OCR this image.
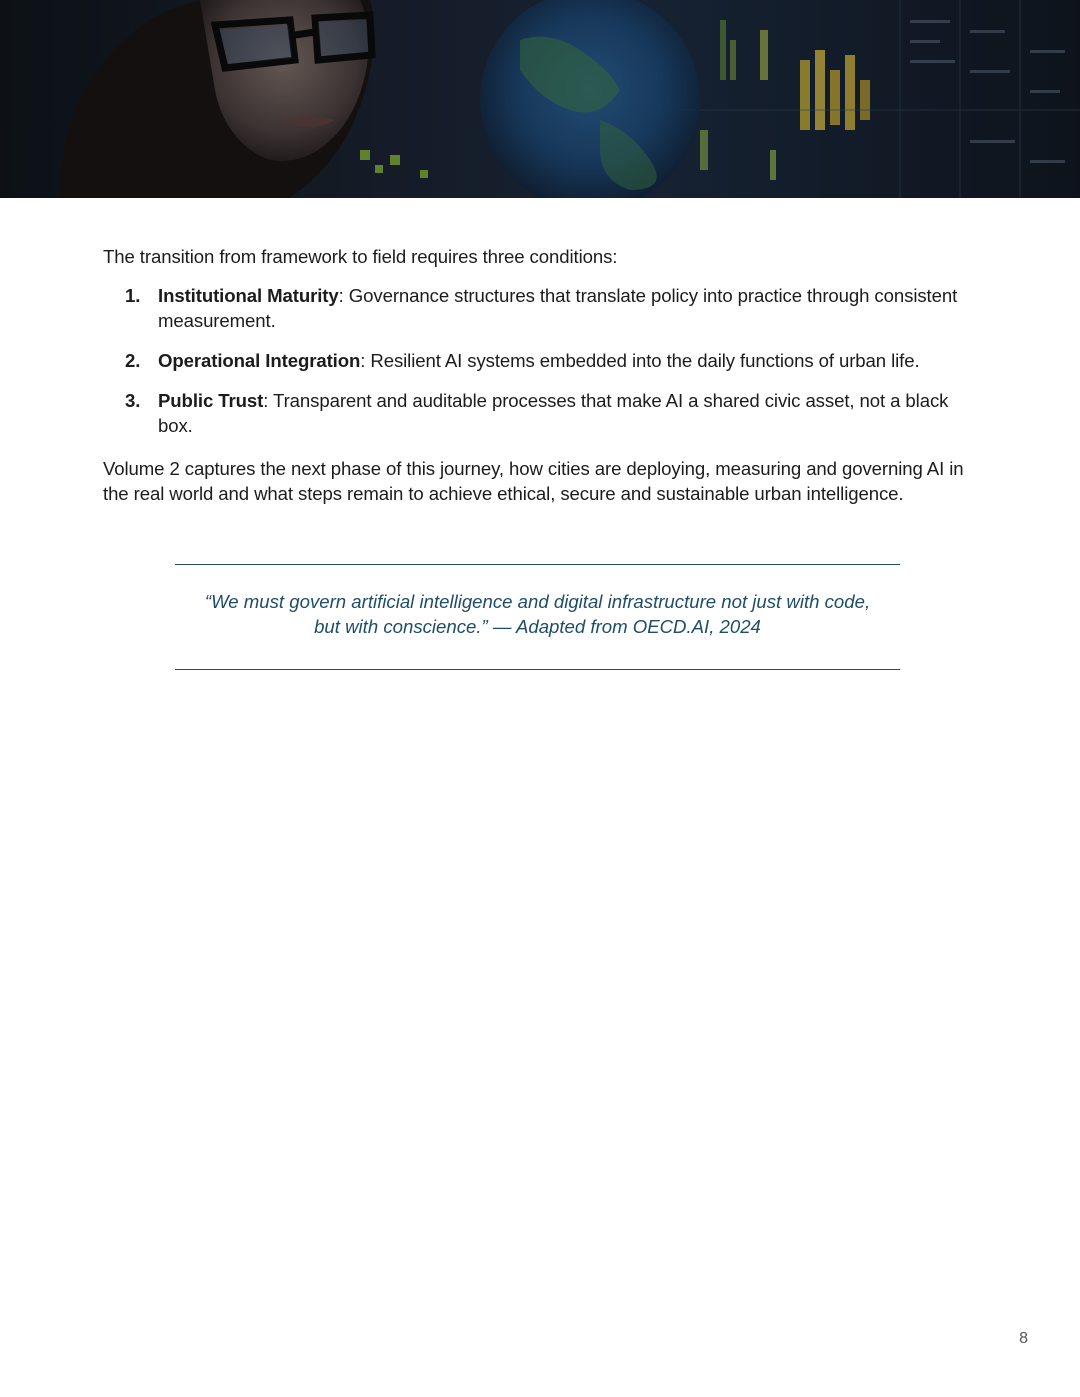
The transition from framework to field requires three conditions:

1. Institutional Maturity: Governance structures that translate policy into practice through consistent measurement.
2. Operational Integration: Resilient AI systems embedded into the daily functions of urban life.
3. Public Trust: Transparent and auditable processes that make AI a shared civic asset, not a black box.

Volume 2 captures the next phase of this journey, how cities are deploying, measuring and governing AI in the real world and what steps remain to achieve ethical, secure and sustainable urban intelligence.

“We must govern artificial intelligence and digital infrastructure not just with code,
but with conscience.” — Adapted from OECD.AI, 2024

8
